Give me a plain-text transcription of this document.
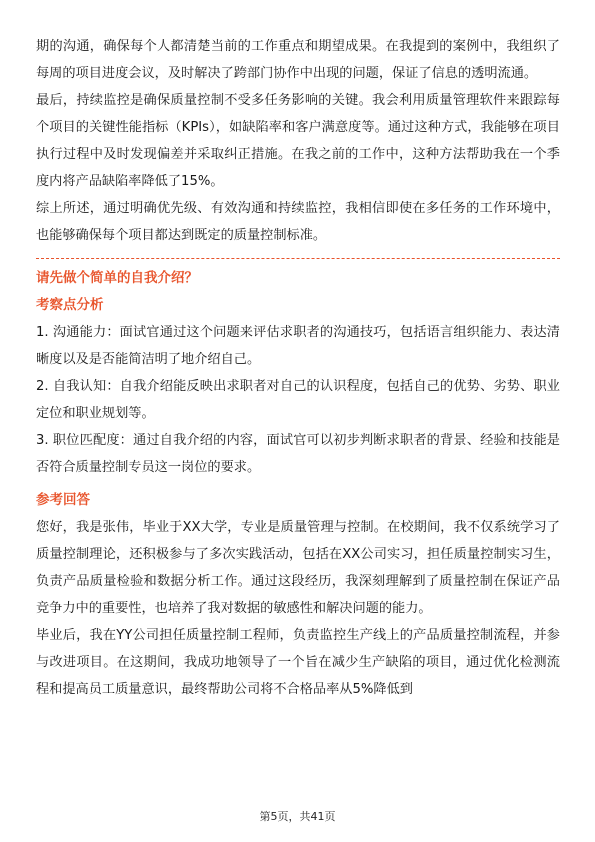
期的沟通，确保每个人都清楚当前的工作重点和期望成果。在我提到的案例中，我组织了每周的项目进度会议，及时解决了跨部门协作中出现的问题，保证了信息的透明流通。

最后，持续监控是确保质量控制不受多任务影响的关键。我会利用质量管理软件来跟踪每个项目的关键性能指标（KPIs），如缺陷率和客户满意度等。通过这种方式，我能够在项目执行过程中及时发现偏差并采取纠正措施。在我之前的工作中，这种方法帮助我在一个季度内将产品缺陷率降低了15%。

综上所述，通过明确优先级、有效沟通和持续监控，我相信即使在多任务的工作环境中，也能够确保每个项目都达到既定的质量控制标准。

请先做个简单的自我介绍？

考察点分析

1. 沟通能力：面试官通过这个问题来评估求职者的沟通技巧，包括语言组织能力、表达清晰度以及是否能简洁明了地介绍自己。

2. 自我认知：自我介绍能反映出求职者对自己的认识程度，包括自己的优势、劣势、职业定位和职业规划等。

3. 职位匹配度：通过自我介绍的内容，面试官可以初步判断求职者的背景、经验和技能是否符合质量控制专员这一岗位的要求。

参考回答

您好，我是张伟，毕业于XX大学，专业是质量管理与控制。在校期间，我不仅系统学习了质量控制理论，还积极参与了多次实践活动，包括在XX公司实习，担任质量控制实习生，负责产品质量检验和数据分析工作。通过这段经历，我深刻理解到了质量控制在保证产品竞争力中的重要性，也培养了我对数据的敏感性和解决问题的能力。

毕业后，我在YY公司担任质量控制工程师，负责监控生产线上的产品质量控制流程，并参与改进项目。在这期间，我成功地领导了一个旨在减少生产缺陷的项目，通过优化检测流程和提高员工质量意识，最终帮助公司将不合格品率从5%降低到

第5页，共41页
